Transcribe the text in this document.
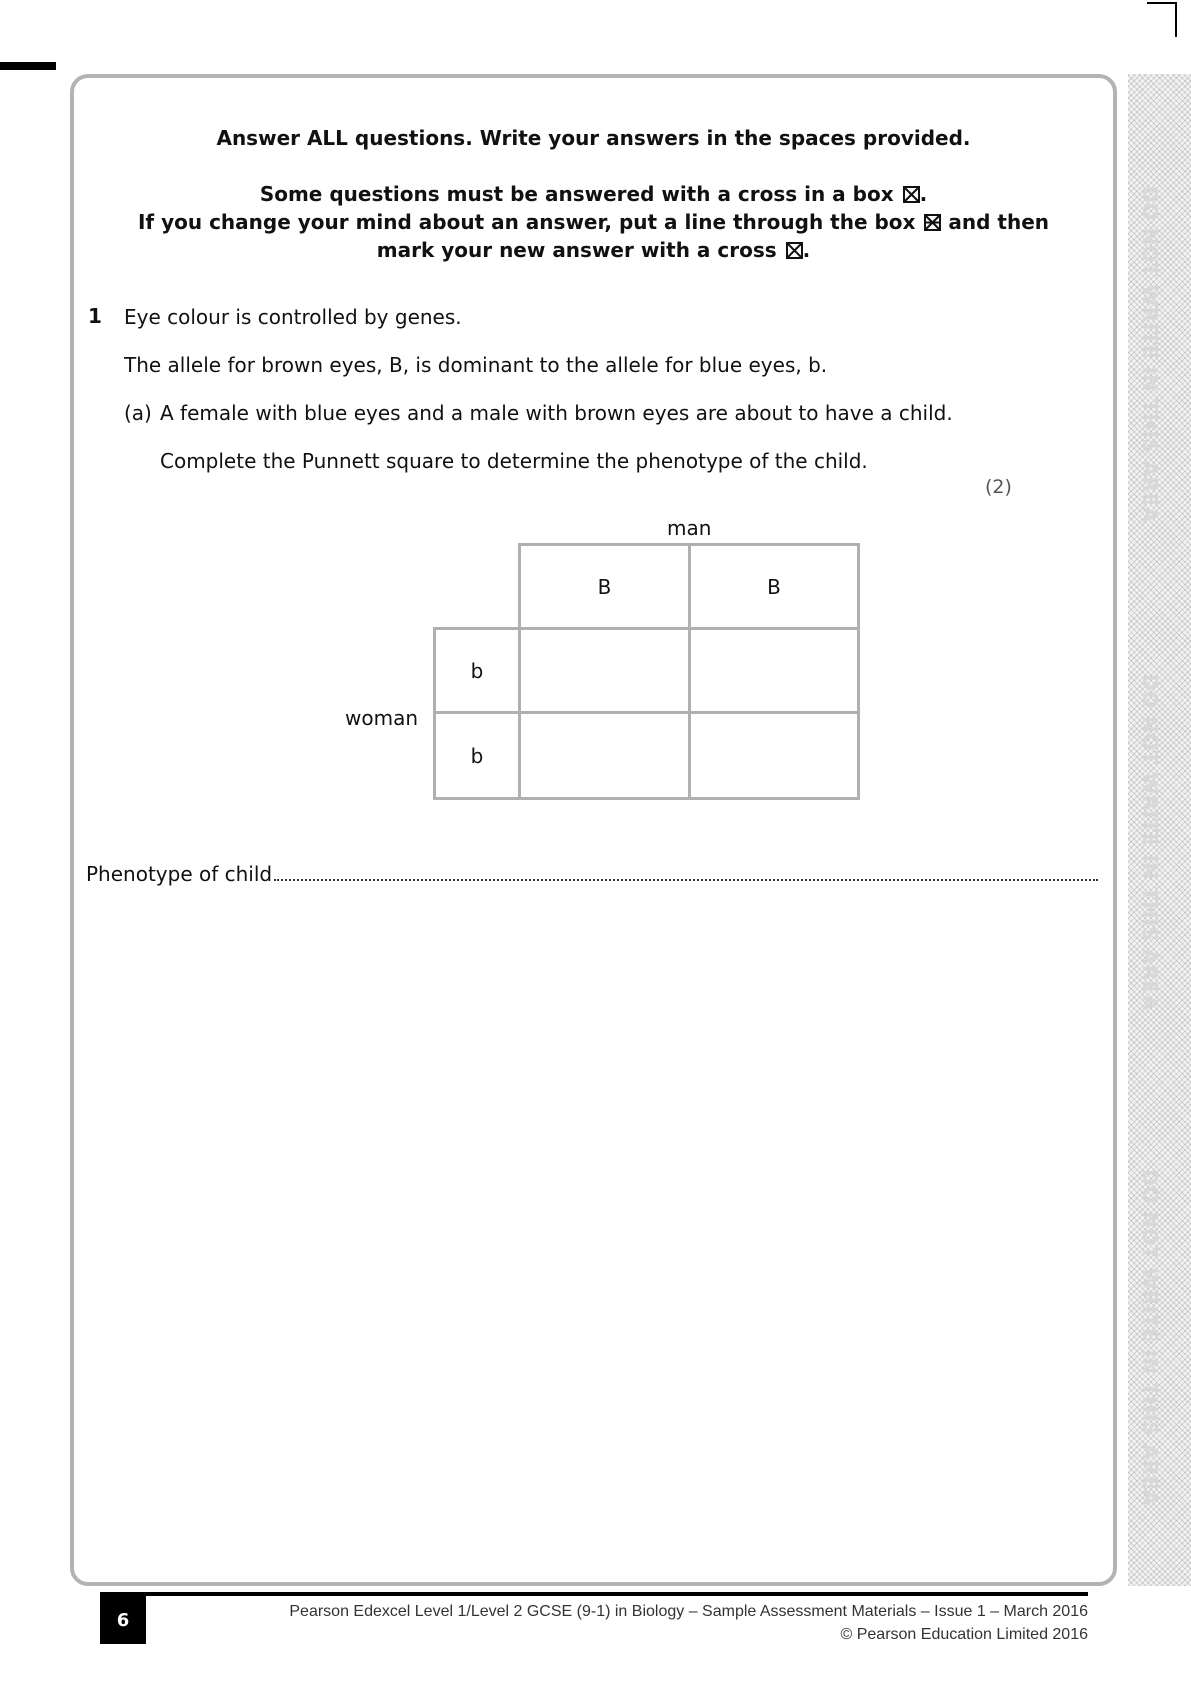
DO NOT WRITE IN THIS AREA
DO NOT WRITE IN THIS AREA
DO NOT WRITE IN THIS AREA
Answer ALL questions. Write your answers in the spaces provided.
Some questions must be answered with a cross in a box ☒.
If you change your mind about an answer, put a line through the box and then
mark your new answer with a cross ☒.
1 Eye colour is controlled by genes.
The allele for brown eyes, B, is dominant to the allele for blue eyes, b.
(a) A female with blue eyes and a male with brown eyes are about to have a child.
Complete the Punnett square to determine the phenotype of the child.
(2)
man
woman
B	B
b
b
Phenotype of child
6	Pearson Edexcel Level 1/Level 2 GCSE (9-1) in Biology – Sample Assessment Materials – Issue 1 – March 2016
© Pearson Education Limited 2016
